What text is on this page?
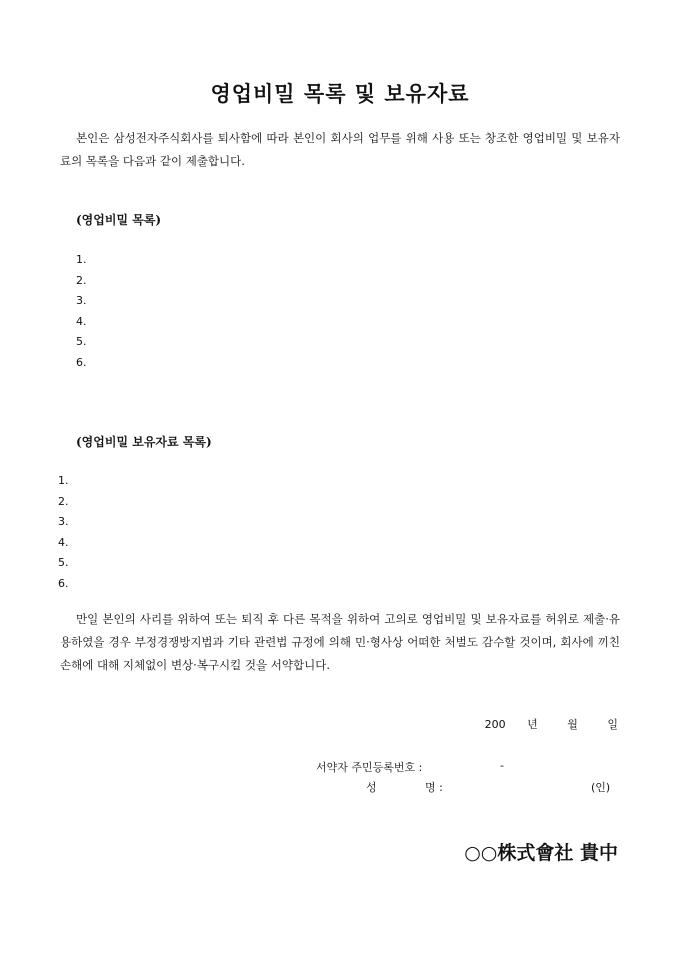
영업비밀 목록 및 보유자료

본인은 삼성전자주식회사를 퇴사함에 따라 본인이 회사의 업무를 위해 사용 또는 창조한 영업비밀 및 보유자료의 목록을 다음과 같이 제출합니다.

(영업비밀 목록)
1.
2.
3.
4.
5.
6.
(영업비밀 보유자료 목록)
1.
2.
3.
4.
5.
6.

만일 본인의 사리를 위하여 또는 퇴직 후 다른 목적을 위하여 고의로 영업비밀 및 보유자료를 허위로 제출·유용하였을 경우 부정경쟁방지법과 기타 관련법 규정에 의해 민·형사상 어떠한 처벌도 감수할 것이며, 회사에 끼친 손해에 대해 지체없이 변상·복구시킬 것을 서약합니다.

200 년	월	일
서약자 주민등록번호 :	-
성	명 :	(인)
○○株式會社 貴中
